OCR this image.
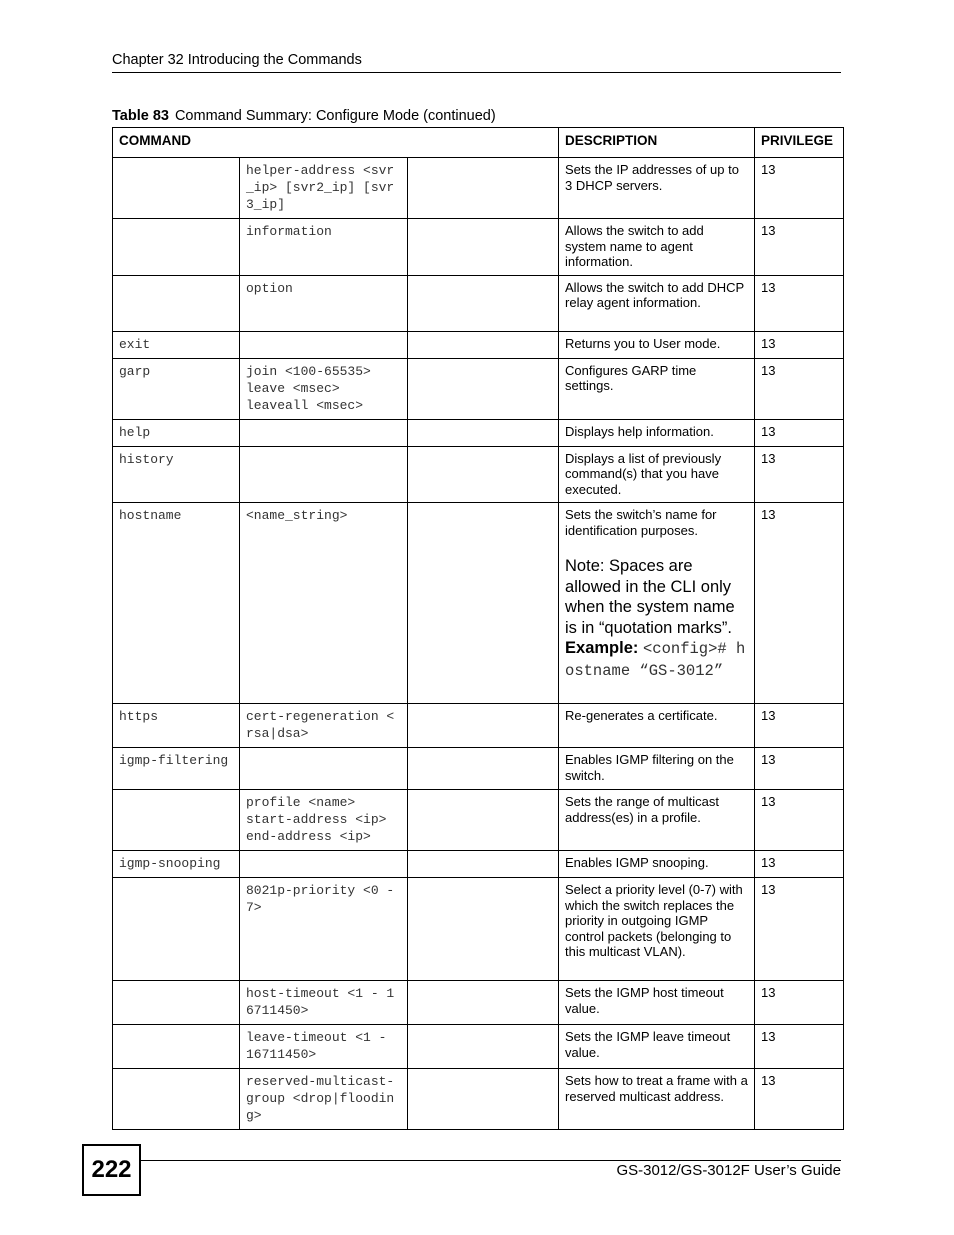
Chapter 32 Introducing the Commands
Table 83 Command Summary: Configure Mode (continued)
COMMAND			DESCRIPTION	PRIVILEGE
	helper-address <svr_ip> [svr2_ip] [svr3_ip]		Sets the IP addresses of up to 3 DHCP servers.	13
	information		Allows the switch to add system name to agent information.	13
	option		Allows the switch to add DHCP relay agent information.	13
exit			Returns you to User mode.	13
garp	join <100-65535>
leave <msec>
leaveall <msec>		Configures GARP time settings.	13
help			Displays help information.	13
history			Displays a list of previously command(s) that you have executed.	13
hostname	<name_string>		Sets the switch’s name for identification purposes.
Note: Spaces are allowed in the CLI only when the system name is in “quotation marks”.
Example: <config># hostname “GS-3012”	13
https	cert-regeneration <rsa|dsa>		Re-generates a certificate.	13
igmp-filtering			Enables IGMP filtering on the switch.	13
	profile <name>
start-address <ip>
end-address <ip>		Sets the range of multicast address(es) in a profile.	13
igmp-snooping			Enables IGMP snooping.	13
	8021p-priority <0 - 7>		Select a priority level (0-7) with which the switch replaces the priority in outgoing IGMP control packets (belonging to this multicast VLAN).	13
	host-timeout <1 - 16711450>		Sets the IGMP host timeout value.	13
	leave-timeout <1 - 16711450>		Sets the IGMP leave timeout value.	13
	reserved-multicast-group <drop|flooding>		Sets how to treat a frame with a reserved multicast address.	13
222	GS-3012/GS-3012F User’s Guide
